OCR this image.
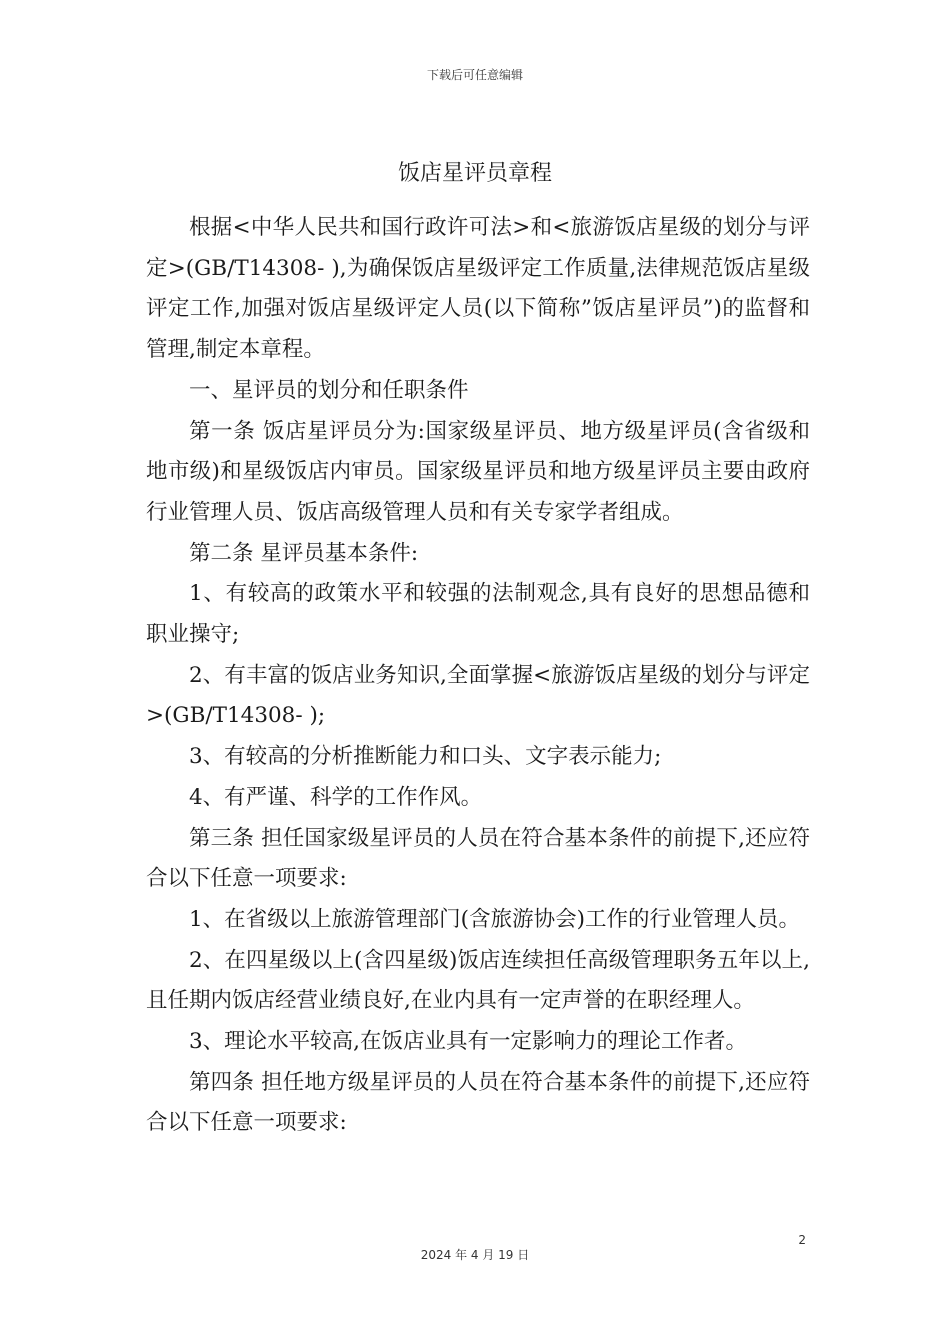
下载后可任意编辑
饭店星评员章程

根据<中华人民共和国行政许可法>和<旅游饭店星级的划分与评定>(GB/T14308- ),为确保饭店星级评定工作质量,法律规范饭店星级评定工作,加强对饭店星级评定人员(以下简称”饭店星评员”)的监督和管理,制定本章程。

一、星评员的划分和任职条件

第一条 饭店星评员分为:国家级星评员、地方级星评员(含省级和地市级)和星级饭店内审员。国家级星评员和地方级星评员主要由政府行业管理人员、饭店高级管理人员和有关专家学者组成。

第二条 星评员基本条件:

1、有较高的政策水平和较强的法制观念,具有良好的思想品德和职业操守;

2、有丰富的饭店业务知识,全面掌握<旅游饭店星级的划分与评定>(GB/T14308- );

3、有较高的分析推断能力和口头、文字表示能力;

4、有严谨、科学的工作作风。

第三条 担任国家级星评员的人员在符合基本条件的前提下,还应符合以下任意一项要求:

1、在省级以上旅游管理部门(含旅游协会)工作的行业管理人员。

2、在四星级以上(含四星级)饭店连续担任高级管理职务五年以上,且任期内饭店经营业绩良好,在业内具有一定声誉的在职经理人。

3、理论水平较高,在饭店业具有一定影响力的理论工作者。

第四条 担任地方级星评员的人员在符合基本条件的前提下,还应符合以下任意一项要求:

2
2024 年 4 月 19 日
